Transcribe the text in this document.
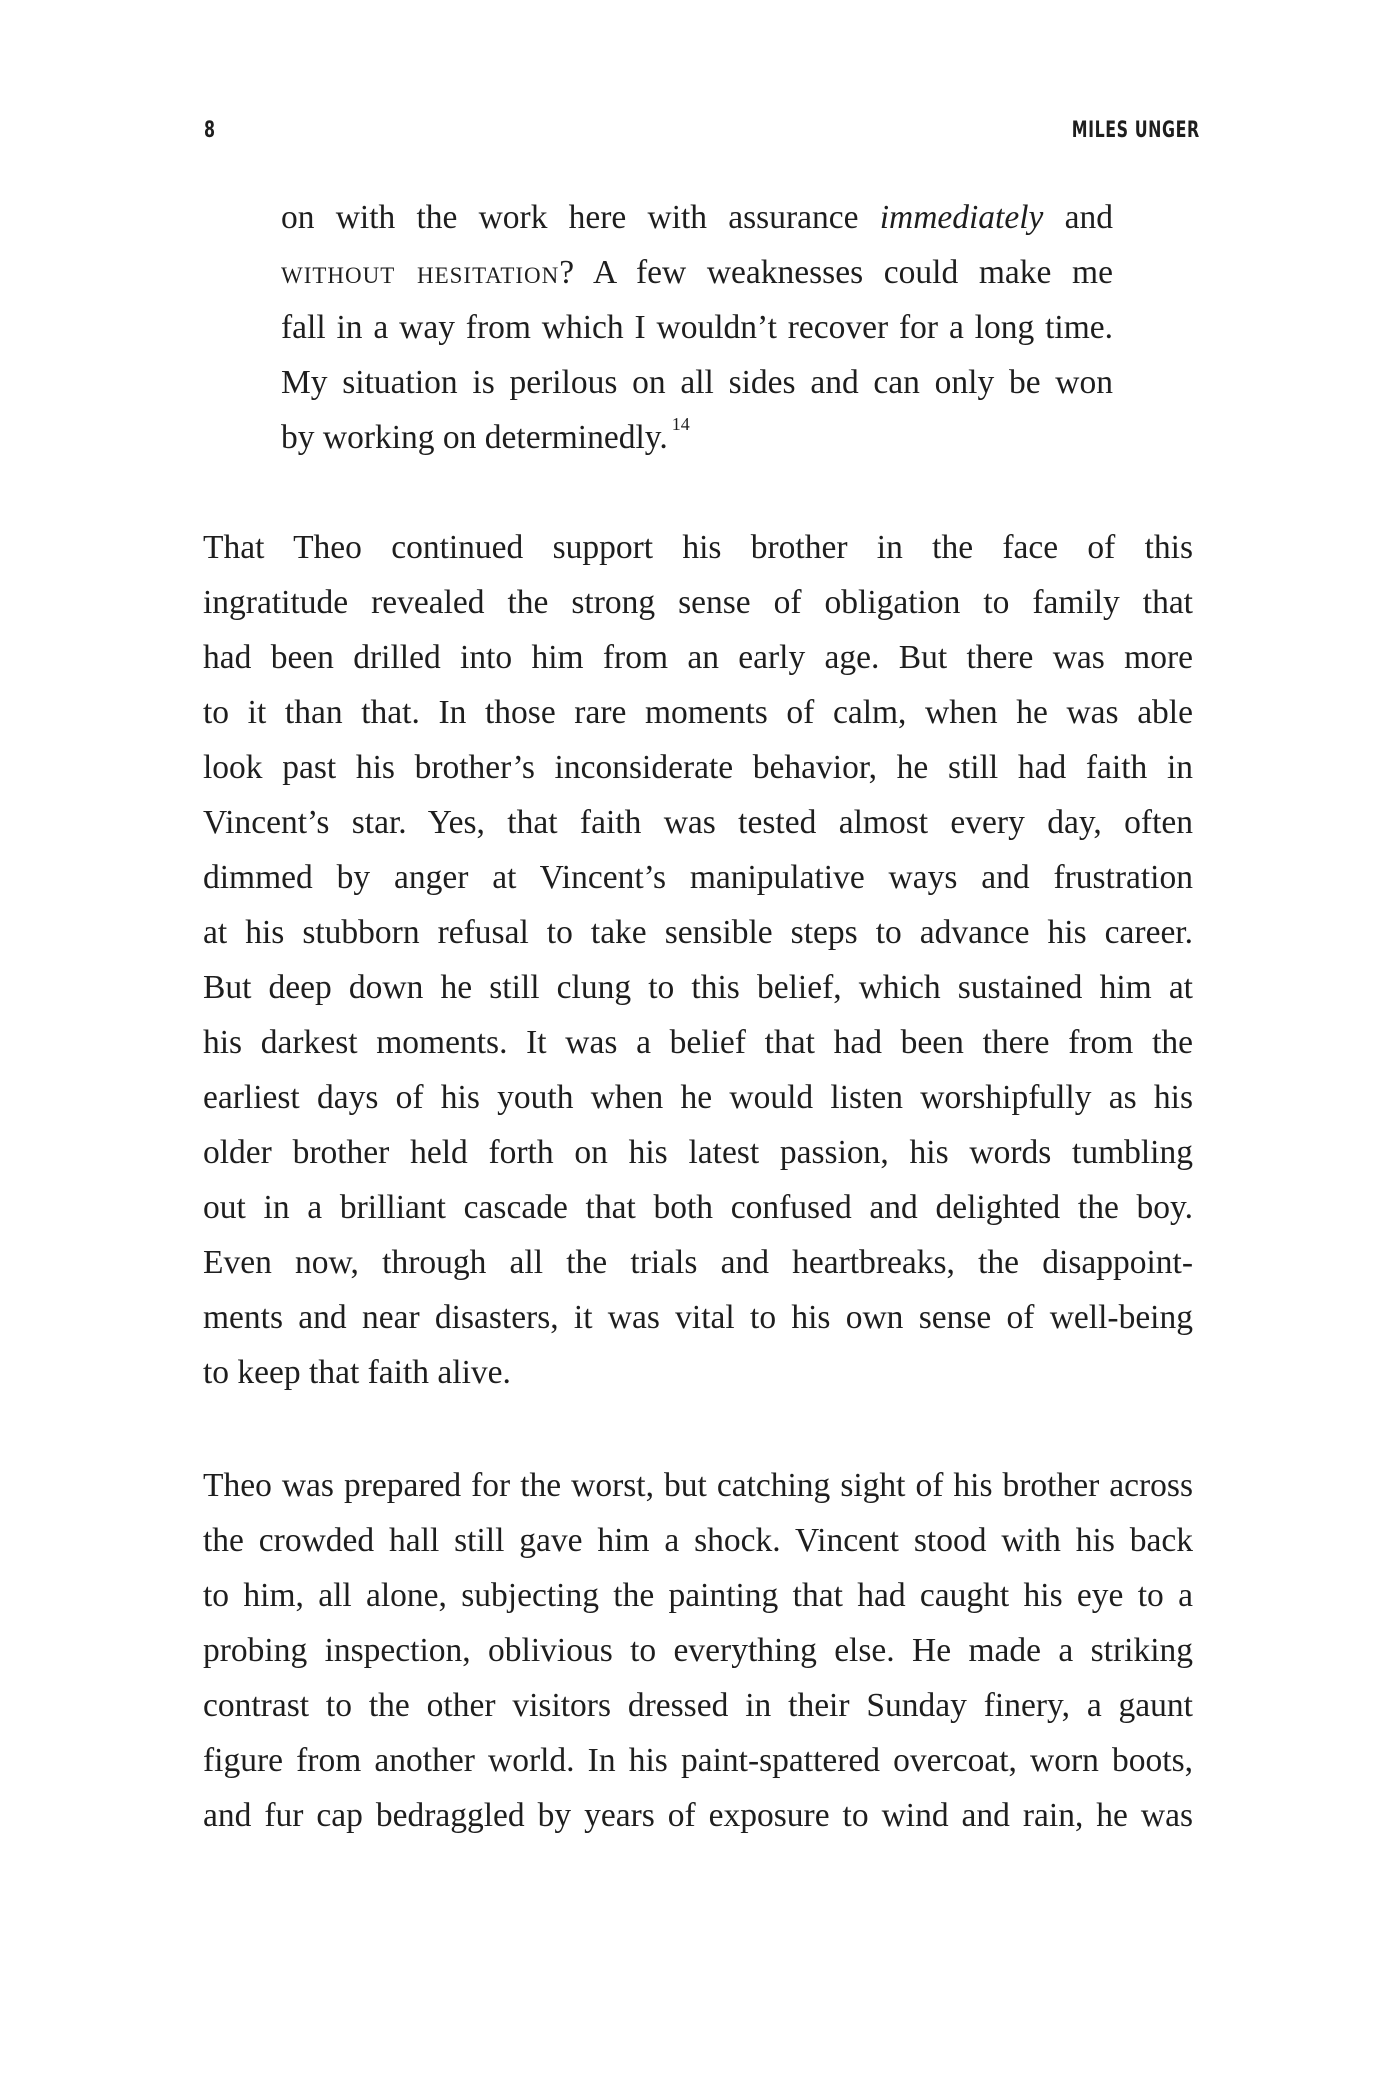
8	MILES UNGER
on with the work here with assurance immediately and
without hesitation? A few weaknesses could make me
fall in a way from which I wouldn’t recover for a long time.
My situation is perilous on all sides and can only be won
by working on determinedly. $^{14}$
That Theo continued support his brother in the face of this
ingratitude revealed the strong sense of obligation to family that
had been drilled into him from an early age. But there was more
to it than that. In those rare moments of calm, when he was able
look past his brother’s inconsiderate behavior, he still had faith in
Vincent’s star. Yes, that faith was tested almost every day, often
dimmed by anger at Vincent’s manipulative ways and frustration
at his stubborn refusal to take sensible steps to advance his career.
But deep down he still clung to this belief, which sustained him at
his darkest moments. It was a belief that had been there from the
earliest days of his youth when he would listen worshipfully as his
older brother held forth on his latest passion, his words tumbling
out in a brilliant cascade that both confused and delighted the boy.
Even now, through all the trials and heartbreaks, the disappoint-
ments and near disasters, it was vital to his own sense of well-being
to keep that faith alive.
Theo was prepared for the worst, but catching sight of his brother across
the crowded hall still gave him a shock. Vincent stood with his back
to him, all alone, subjecting the painting that had caught his eye to a
probing inspection, oblivious to everything else. He made a striking
contrast to the other visitors dressed in their Sunday finery, a gaunt
figure from another world. In his paint-spattered overcoat, worn boots,
and fur cap bedraggled by years of exposure to wind and rain, he was
